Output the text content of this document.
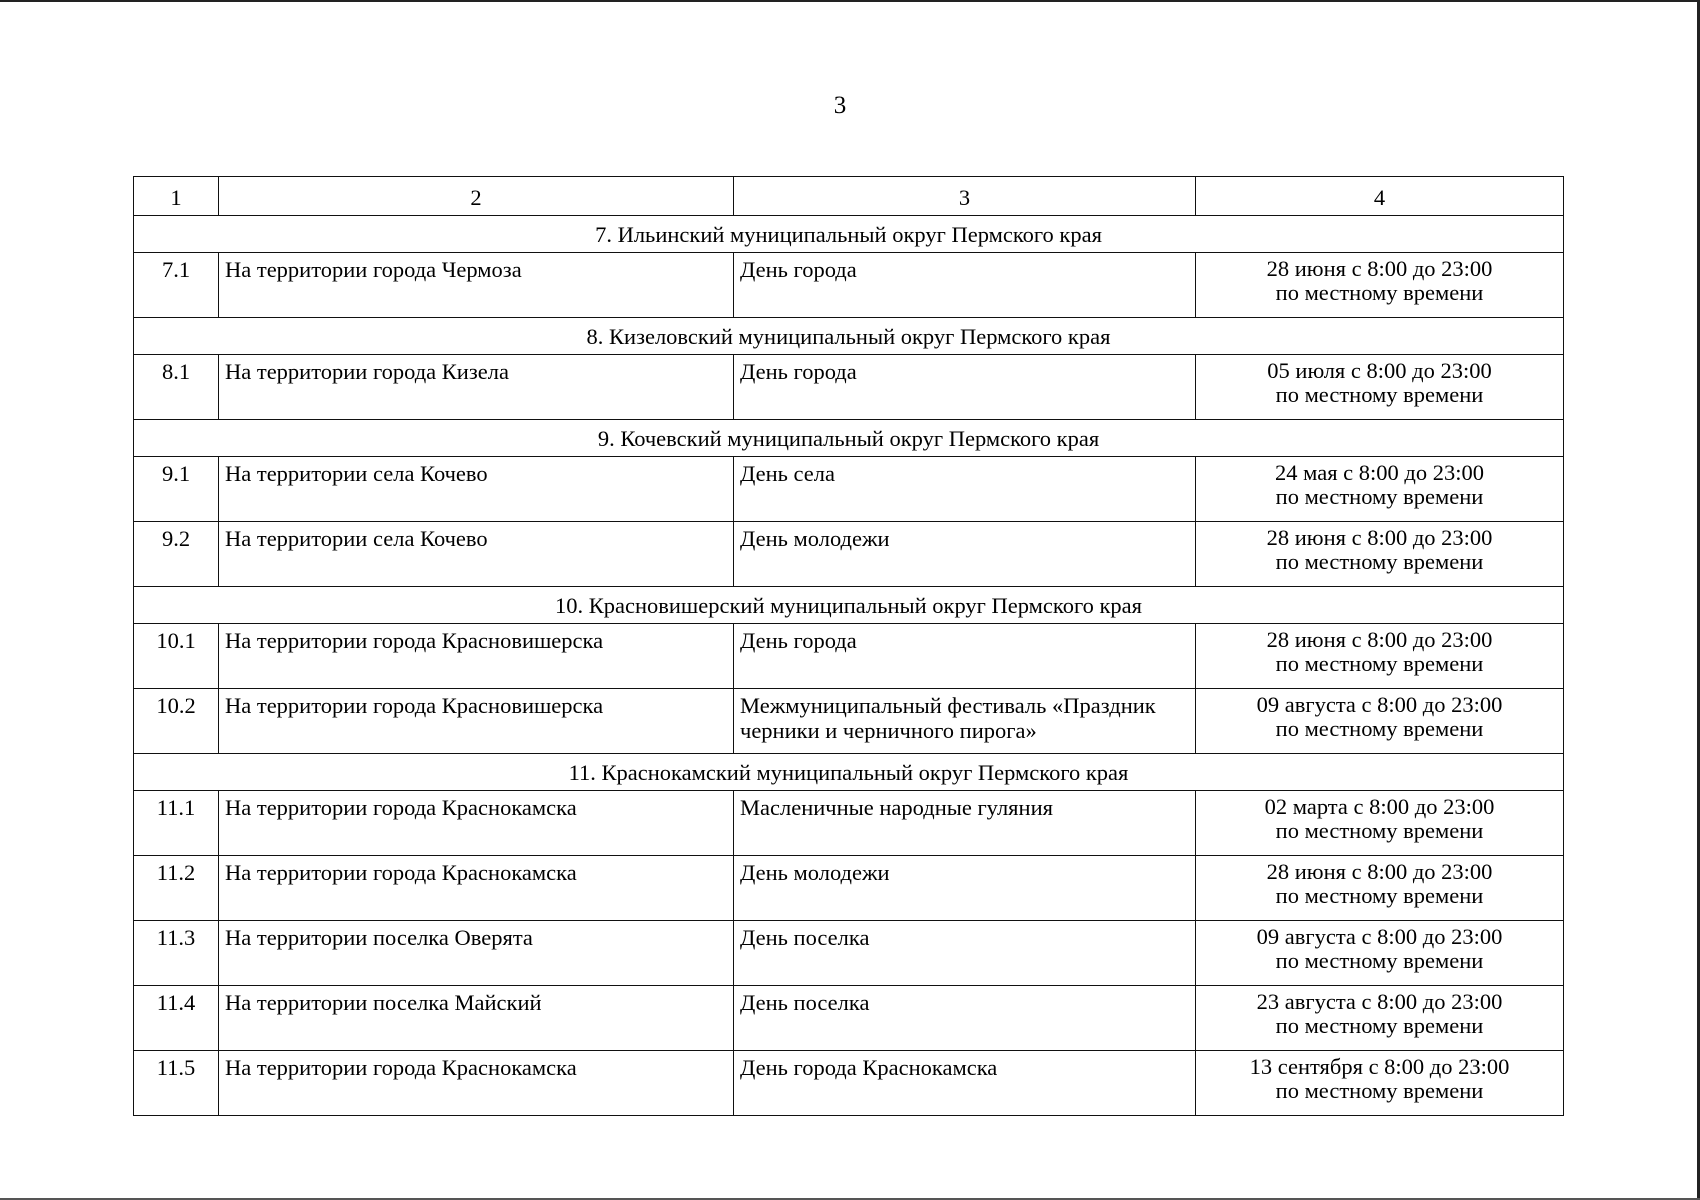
3
1	2	3	4
7. Ильинский муниципальный округ Пермского края			
7.1	На территории города Чермоза	День города	28 июня с 8:00 до 23:00
по местному времени

8. Кизеловский муниципальный округ Пермского края			
8.1	На территории города Кизела	День города	05 июля с 8:00 до 23:00
по местному времени

9. Кочевский муниципальный округ Пермского края			
9.1	На территории села Кочево	День села	24 мая с 8:00 до 23:00
по местному времени

9.2	На территории села Кочево	День молодежи	28 июня с 8:00 до 23:00
по местному времени

10. Красновишерский муниципальный округ Пермского края			
10.1	На территории города Красновишерска	День города	28 июня с 8:00 до 23:00
по местному времени

10.2	На территории города Красновишерска	Межмуниципальный фестиваль «Праздник черники и черничного пирога»	09 августа с 8:00 до 23:00
по местному времени

11. Краснокамский муниципальный округ Пермского края			
11.1	На территории города Краснокамска	Масленичные народные гуляния	02 марта с 8:00 до 23:00
по местному времени

11.2	На территории города Краснокамска	День молодежи	28 июня с 8:00 до 23:00
по местному времени

11.3	На территории поселка Оверята	День поселка	09 августа с 8:00 до 23:00
по местному времени

11.4	На территории поселка Майский	День поселка	23 августа с 8:00 до 23:00
по местному времени

11.5	На территории города Краснокамска	День города Краснокамска	13 сентября с 8:00 до 23:00
по местному времени
